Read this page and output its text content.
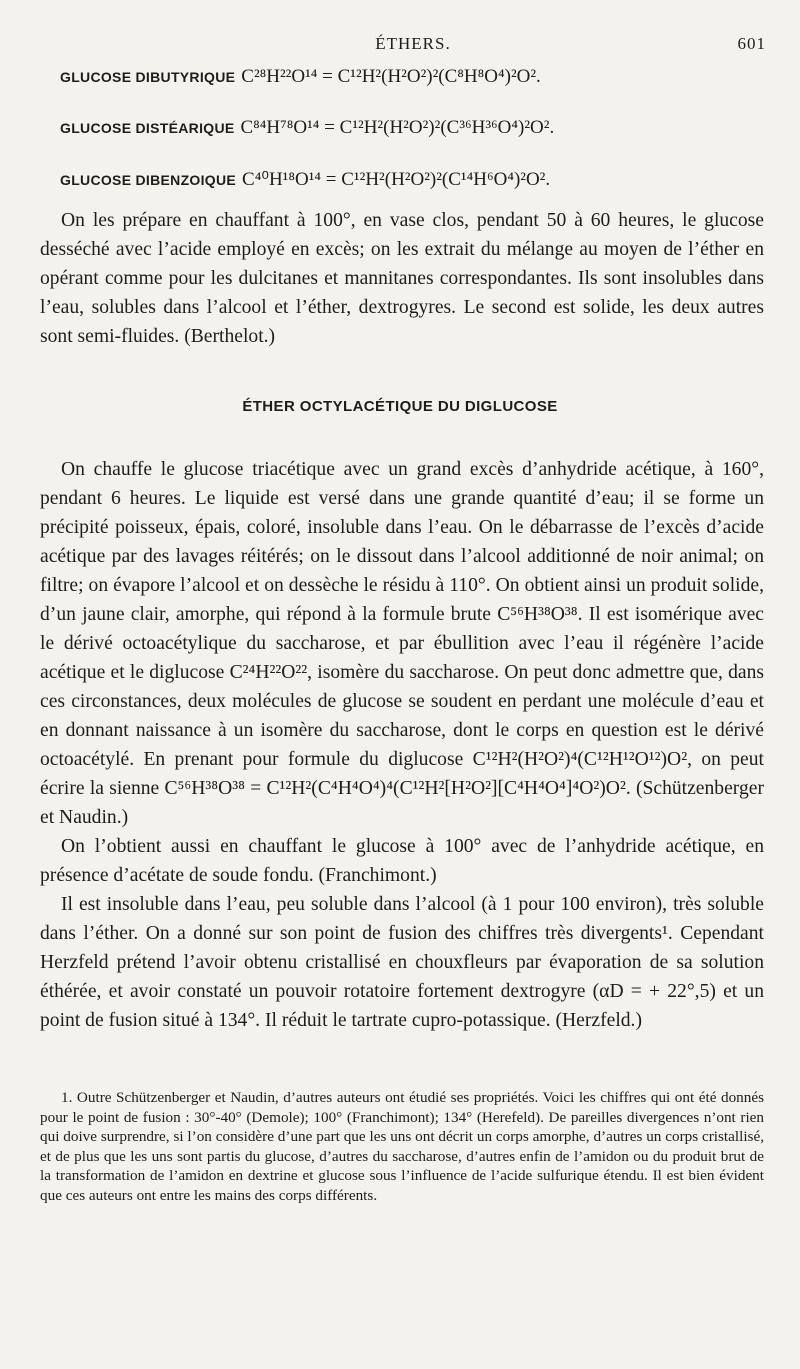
ÉTHERS.	601
GLUCOSE DIBUTYRIQUE C²⁸H²²O¹⁴ = C¹²H²(H²O²)²(C⁸H⁸O⁴)²O².
GLUCOSE DISTÉARIQUE C⁸⁴H⁷⁸O¹⁴ = C¹²H²(H²O²)²(C³⁶H³⁶O⁴)²O².
GLUCOSE DIBENZOIQUE C⁴⁰H¹⁸O¹⁴ = C¹²H²(H²O²)²(C¹⁴H⁶O⁴)²O².

On les prépare en chauffant à 100°, en vase clos, pendant 50 à 60 heures, le glucose desséché avec l’acide employé en excès; on les extrait du mélange au moyen de l’éther en opérant comme pour les dulcitanes et mannitanes correspondantes. Ils sont insolubles dans l’eau, solubles dans l’alcool et l’éther, dextrogyres. Le second est solide, les deux autres sont semi-fluides. (Berthelot.)

ÉTHER OCTYLACÉTIQUE DU DIGLUCOSE

On chauffe le glucose triacétique avec un grand excès d’anhydride acétique, à 160°, pendant 6 heures. Le liquide est versé dans une grande quantité d’eau; il se forme un précipité poisseux, épais, coloré, insoluble dans l’eau. On le débarrasse de l’excès d’acide acétique par des lavages réitérés; on le dissout dans l’alcool additionné de noir animal; on filtre; on évapore l’alcool et on dessèche le résidu à 110°. On obtient ainsi un produit solide, d’un jaune clair, amorphe, qui répond à la formule brute C⁵⁶H³⁸O³⁸. Il est isomérique avec le dérivé octoacétylique du saccharose, et par ébullition avec l’eau il régénère l’acide acétique et le diglucose C²⁴H²²O²², isomère du saccharose. On peut donc admettre que, dans ces circonstances, deux molécules de glucose se soudent en perdant une molécule d’eau et en donnant naissance à un isomère du saccharose, dont le corps en question est le dérivé octoacétylé. En prenant pour formule du diglucose C¹²H²(H²O²)⁴(C¹²H¹²O¹²)O², on peut écrire la sienne C⁵⁶H³⁸O³⁸ = C¹²H²(C⁴H⁴O⁴)⁴(C¹²H²[H²O²][C⁴H⁴O⁴]⁴O²)O². (Schützenberger et Naudin.)

On l’obtient aussi en chauffant le glucose à 100° avec de l’anhydride acétique, en présence d’acétate de soude fondu. (Franchimont.)

Il est insoluble dans l’eau, peu soluble dans l’alcool (à 1 pour 100 environ), très soluble dans l’éther. On a donné sur son point de fusion des chiffres très divergents¹. Cependant Herzfeld prétend l’avoir obtenu cristallisé en chouxfleurs par évaporation de sa solution éthérée, et avoir constaté un pouvoir rotatoire fortement dextrogyre (αD = + 22°,5) et un point de fusion situé à 134°. Il réduit le tartrate cupro-potassique. (Herzfeld.)

1. Outre Schützenberger et Naudin, d’autres auteurs ont étudié ses propriétés. Voici les chiffres qui ont été donnés pour le point de fusion : 30°-40° (Demole); 100° (Franchimont); 134° (Herefeld). De pareilles divergences n’ont rien qui doive surprendre, si l’on considère d’une part que les uns ont décrit un corps amorphe, d’autres un corps cristallisé, et de plus que les uns sont partis du glucose, d’autres du saccharose, d’autres enfin de l’amidon ou du produit brut de la transformation de l’amidon en dextrine et glucose sous l’influence de l’acide sulfurique étendu. Il est bien évident que ces auteurs ont entre les mains des corps différents.
